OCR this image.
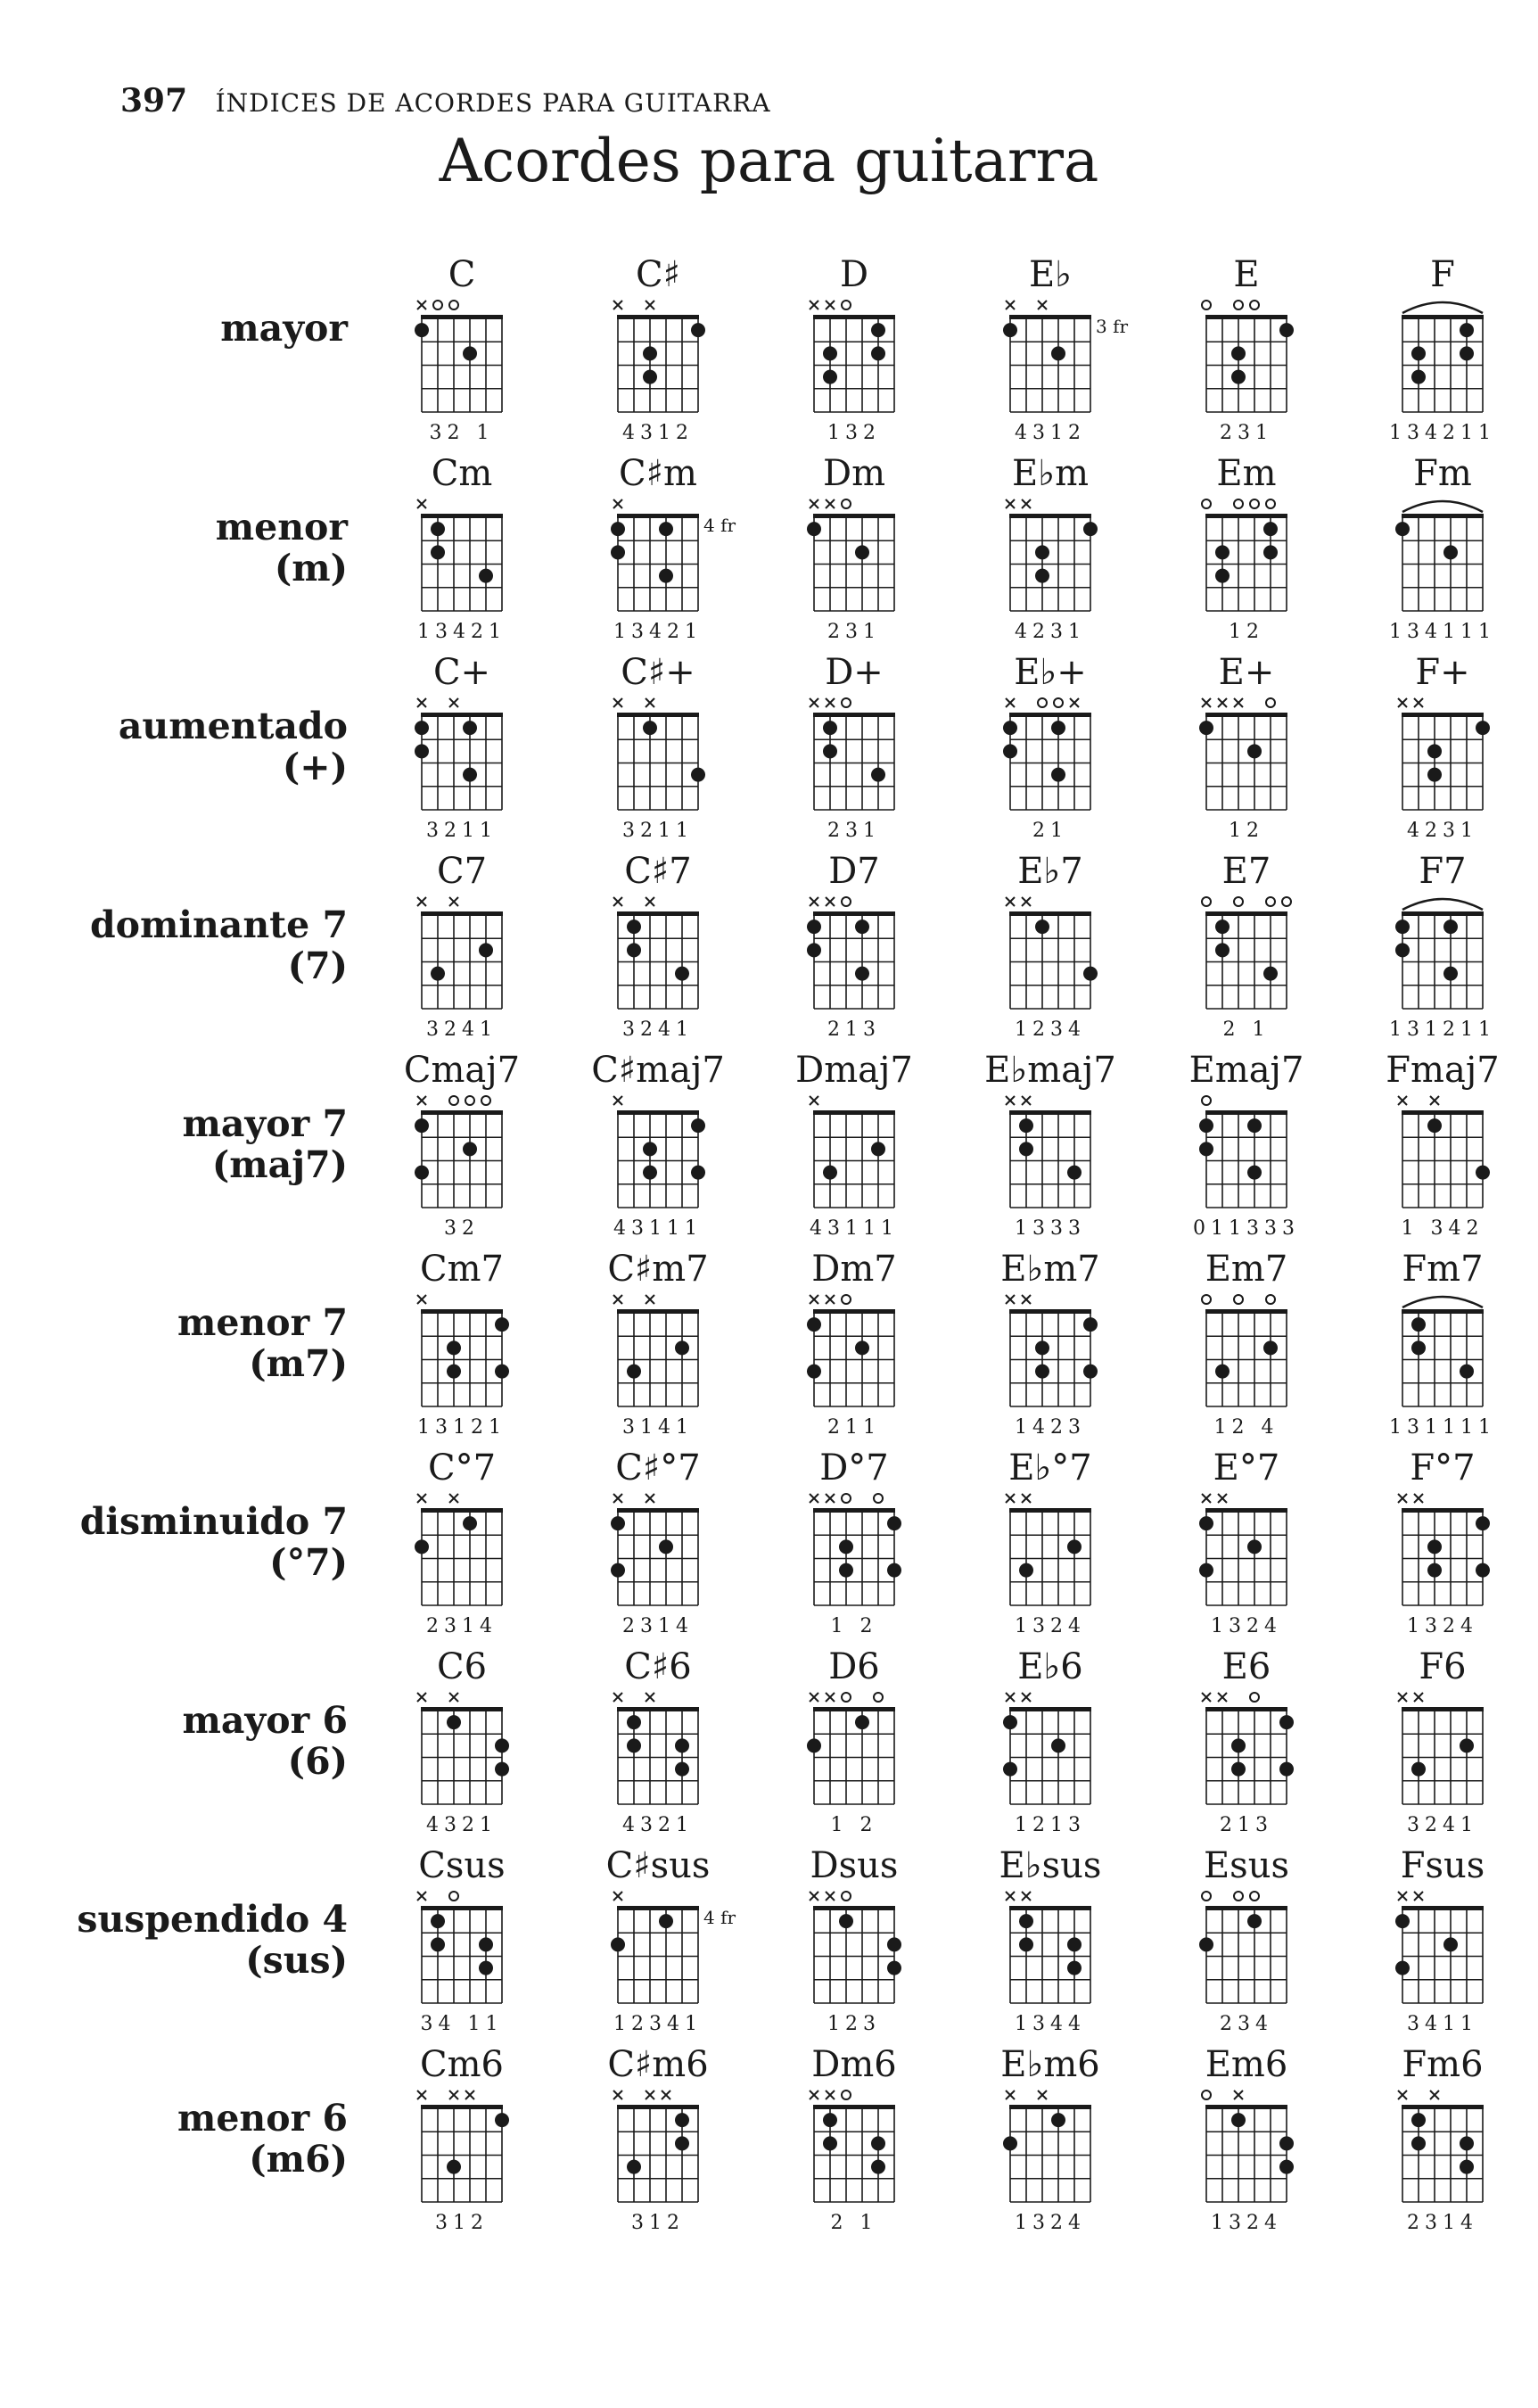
397 ÍNDICES DE ACORDES PARA GUITARRA
Acordes para guitarra
mayor
C
32 1
C♯
4312
D
132
E♭
3 fr
4312
E
231
F
134211
menor
(m)
Cm
13421
C♯m
4 fr
13421
Dm
231
E♭m
4231
Em
12
Fm
134111
aumentado
(+)
C+
3211
C♯+
3211
D+
231
E♭+
21
E+
12
F+
4231
dominante 7
(7)
C7
3241
C♯7
3241
D7
213
E♭7
1234
E7
2 1
F7
131211
mayor 7
(maj7)
Cmaj7
32
C♯maj7
43111
Dmaj7
43111
E♭maj7
1333
Emaj7
011333
Fmaj7
1 342
menor 7
(m7)
Cm7
13121
C♯m7
3141
Dm7
211
E♭m7
1423
Em7
12 4
Fm7
131111
disminuido 7
(°7)
C°7
2314
C♯°7
2314
D°7
1 2
E♭°7
1324
E°7
1324
F°7
1324
mayor 6
(6)
C6
4321
C♯6
4321
D6
1 2
E♭6
1213
E6
213
F6
3241
suspendido 4
(sus)
Csus
34 11
C♯sus
4 fr
12341
Dsus
123
E♭sus
1344
Esus
234
Fsus
3411
menor 6
(m6)
Cm6
312
C♯m6
312
Dm6
2 1
E♭m6
1324
Em6
1324
Fm6
2314
